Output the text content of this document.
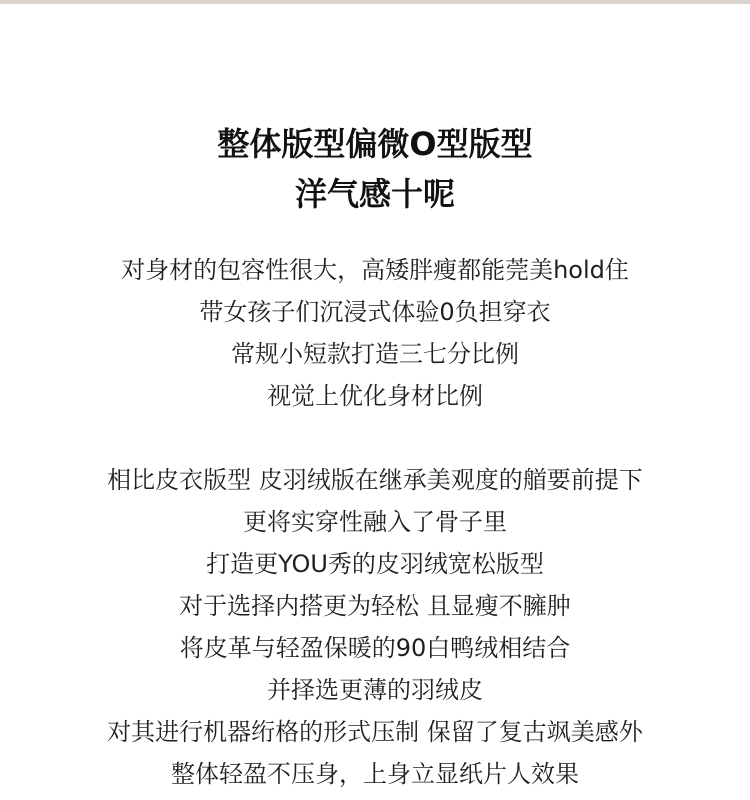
整体版型偏微O型版型
洋气感十呢
对身材的包容性很大，高矮胖瘦都能莞美hold住
带女孩子们沉浸式体验0负担穿衣
常规小短款打造三七分比例
视觉上优化身材比例
相比皮衣版型 皮羽绒版在继承美观度的艏要前提下
更将实穿性融入了骨子里
打造更YOU秀的皮羽绒宽松版型
对于选择内搭更为轻松 且显瘦不臃肿
将皮革与轻盈保暖的90白鸭绒相结合
并择选更薄的羽绒皮
对其进行机器绗格的形式压制 保留了复古飒美感外
整体轻盈不压身，上身立显纸片人效果
